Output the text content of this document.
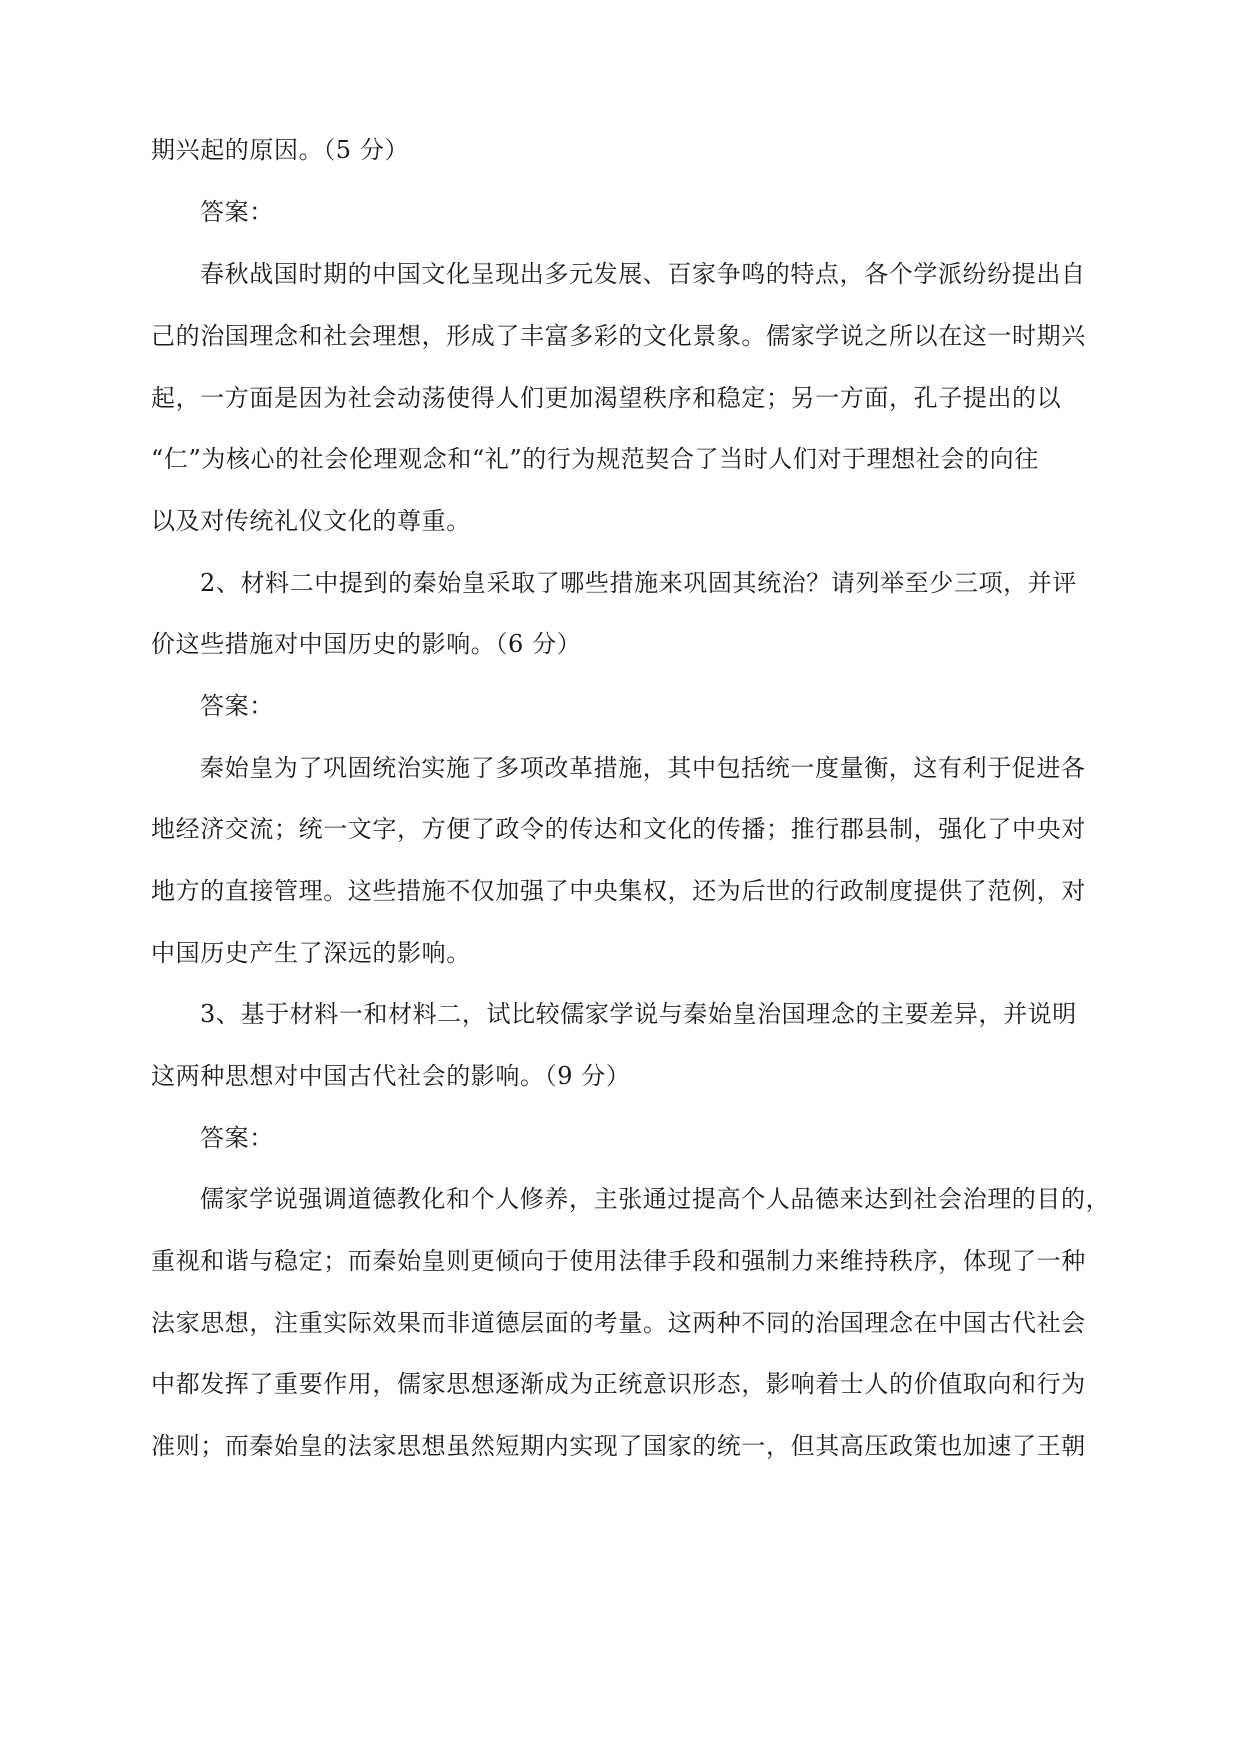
期兴起的原因。（5 分）
答案：
春秋战国时期的中国文化呈现出多元发展、百家争鸣的特点，各个学派纷纷提出自
己的治国理念和社会理想，形成了丰富多彩的文化景象。儒家学说之所以在这一时期兴
起，一方面是因为社会动荡使得人们更加渴望秩序和稳定；另一方面，孔子提出的以
“仁”为核心的社会伦理观念和“礼”的行为规范契合了当时人们对于理想社会的向往
以及对传统礼仪文化的尊重。
2、材料二中提到的秦始皇采取了哪些措施来巩固其统治？请列举至少三项，并评
价这些措施对中国历史的影响。（6 分）
答案：
秦始皇为了巩固统治实施了多项改革措施，其中包括统一度量衡，这有利于促进各
地经济交流；统一文字，方便了政令的传达和文化的传播；推行郡县制，强化了中央对
地方的直接管理。这些措施不仅加强了中央集权，还为后世的行政制度提供了范例，对
中国历史产生了深远的影响。
3、基于材料一和材料二，试比较儒家学说与秦始皇治国理念的主要差异，并说明
这两种思想对中国古代社会的影响。（9 分）
答案：
儒家学说强调道德教化和个人修养，主张通过提高个人品德来达到社会治理的目的，
重视和谐与稳定；而秦始皇则更倾向于使用法律手段和强制力来维持秩序，体现了一种
法家思想，注重实际效果而非道德层面的考量。这两种不同的治国理念在中国古代社会
中都发挥了重要作用，儒家思想逐渐成为正统意识形态，影响着士人的价值取向和行为
准则；而秦始皇的法家思想虽然短期内实现了国家的统一，但其高压政策也加速了王朝
